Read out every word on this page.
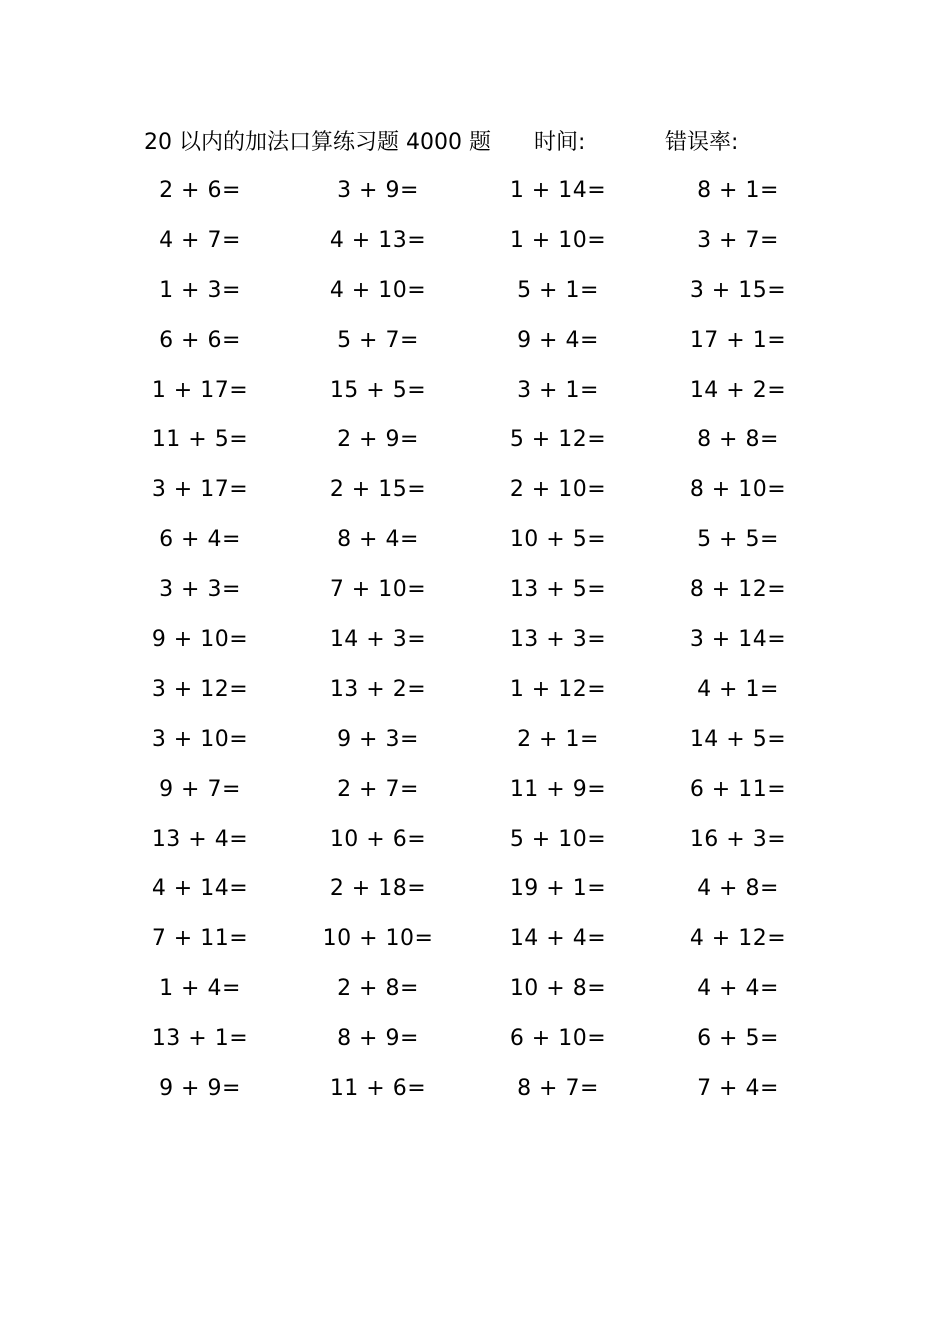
20 以内的加法口算练习题 4000 题 时间:	错误率:
2 + 6=	3 + 9=	1 + 14=	8 + 1=
4 + 7=	4 + 13=	1 + 10=	3 + 7=
1 + 3=	4 + 10=	5 + 1=	3 + 15=
6 + 6=	5 + 7=	9 + 4=	17 + 1=
1 + 17=	15 + 5=	3 + 1=	14 + 2=
11 + 5=	2 + 9=	5 + 12=	8 + 8=
3 + 17=	2 + 15=	2 + 10=	8 + 10=
6 + 4=	8 + 4=	10 + 5=	5 + 5=
3 + 3=	7 + 10=	13 + 5=	8 + 12=
9 + 10=	14 + 3=	13 + 3=	3 + 14=
3 + 12=	13 + 2=	1 + 12=	4 + 1=
3 + 10=	9 + 3=	2 + 1=	14 + 5=
9 + 7=	2 + 7=	11 + 9=	6 + 11=
13 + 4=	10 + 6=	5 + 10=	16 + 3=
4 + 14=	2 + 18=	19 + 1=	4 + 8=
7 + 11=	10 + 10=	14 + 4=	4 + 12=
1 + 4=	2 + 8=	10 + 8=	4 + 4=
13 + 1=	8 + 9=	6 + 10=	6 + 5=
9 + 9=	11 + 6=	8 + 7=	7 + 4=
